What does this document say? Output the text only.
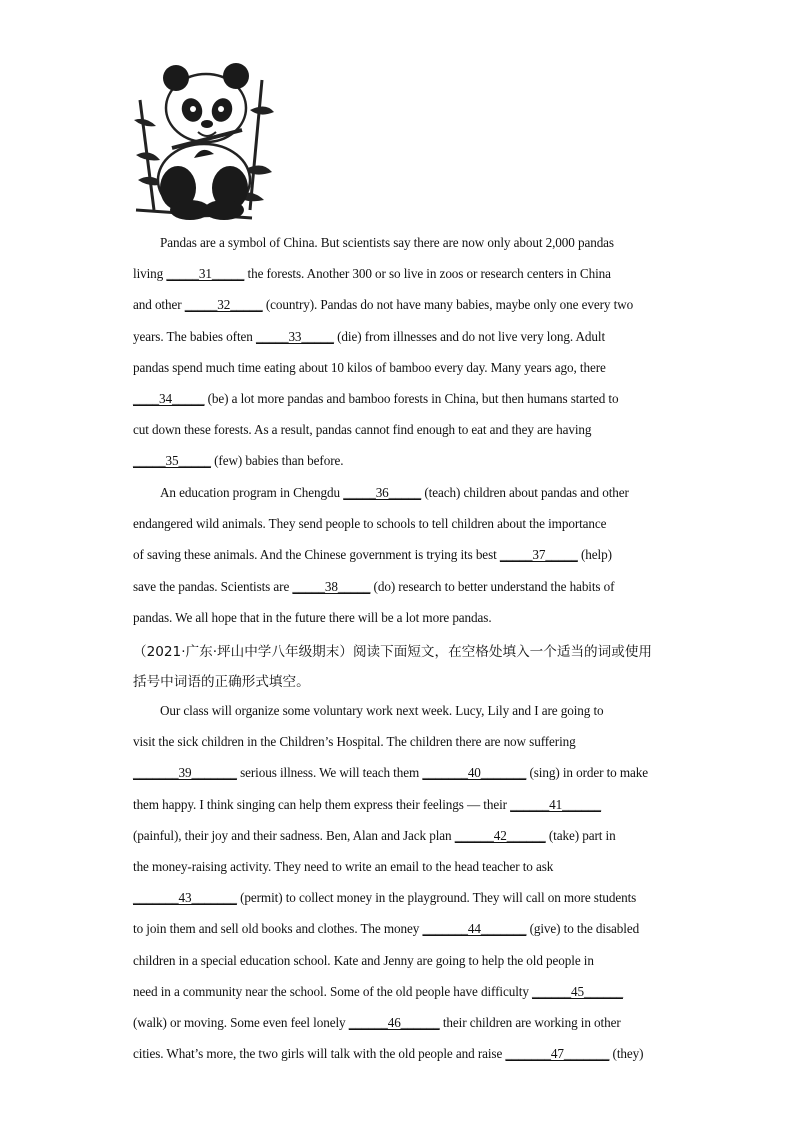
Pandas are a symbol of China. But scientists say there are now only about 2,000 pandas
living _____31_____ the forests. Another 300 or so live in zoos or research centers in China
and other _____32_____ (country). Pandas do not have many babies, maybe only one every two
years. The babies often _____33_____ (die) from illnesses and do not live very long. Adult
pandas spend much time eating about 10 kilos of bamboo every day. Many years ago, there
____34_____ (be) a lot more pandas and bamboo forests in China, but then humans started to
cut down these forests. As a result, pandas cannot find enough to eat and they are having
_____35_____ (few) babies than before.
An education program in Chengdu _____36_____ (teach) children about pandas and other
endangered wild animals. They send people to schools to tell children about the importance
of saving these animals. And the Chinese government is trying its best _____37_____ (help)
save the pandas. Scientists are _____38_____ (do) research to better understand the habits of
pandas. We all hope that in the future there will be a lot more pandas.
（2021·广东·坪山中学八年级期末）阅读下面短文，在空格处填入一个适当的词或使用
括号中词语的正确形式填空。
Our class will organize some voluntary work next week. Lucy, Lily and I are going to
visit the sick children in the Children’s Hospital. The children there are now suffering
_______39_______ serious illness. We will teach them _______40_______ (sing) in order to make
them happy. I think singing can help them express their feelings — their ______41______
(painful), their joy and their sadness. Ben, Alan and Jack plan ______42______ (take) part in
the money-raising activity. They need to write an email to the head teacher to ask
_______43_______ (permit) to collect money in the playground. They will call on more students
to join them and sell old books and clothes. The money _______44_______ (give) to the disabled
children in a special education school. Kate and Jenny are going to help the old people in
need in a community near the school. Some of the old people have difficulty ______45______
(walk) or moving. Some even feel lonely ______46______ their children are working in other
cities. What’s more, the two girls will talk with the old people and raise _______47_______ (they)
